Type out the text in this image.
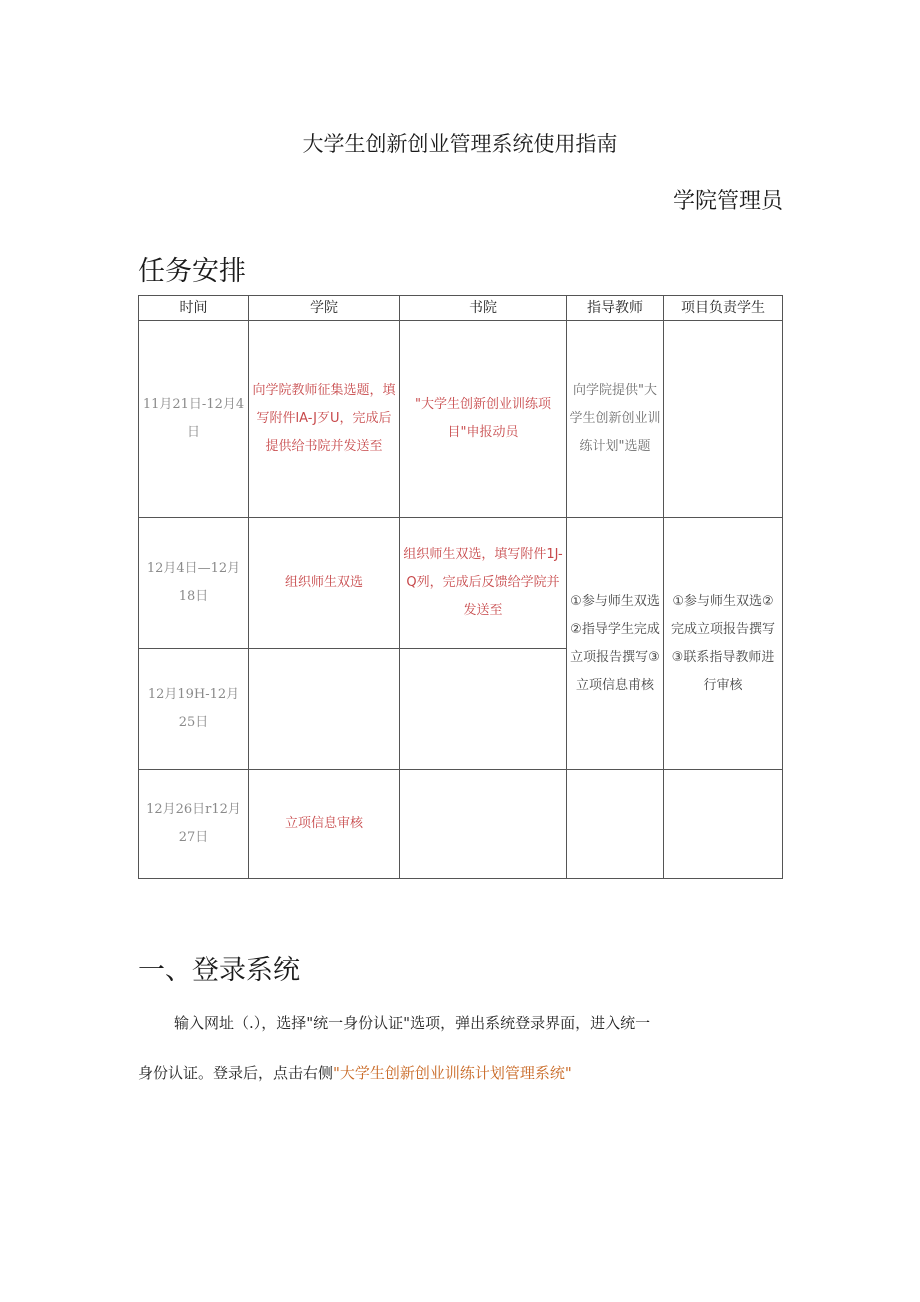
大学生创新创业管理系统使用指南
学院管理员
任务安排
时间	学院	书院	指导教师	项目负责学生
11月21日-12月4日	向学院教师征集选题，填写附件lA-J歹U，完成后提供给书院并发送至	"大学生创新创业训练项目"申报动员	向学院提供"大学生创新创业训练计划"选题	
12月4日—12月18日	组织师生双选	组织师生双选，填写附件1J-Q列，完成后反馈给学院并发送至	①参与师生双选②指导学生完成立项报告撰写③立项信息甫核	①参与师生双选②完成立项报告撰写③联系指导教师进行审核
12月19H-12月25日				
12月26日r12月27日	立项信息审核			
一、登录系统
输入网址（.），选择"统一身份认证"选项，弹出系统登录界面，进入统一
身份认证。登录后，点击右侧"大学生创新创业训练计划管理系统"
